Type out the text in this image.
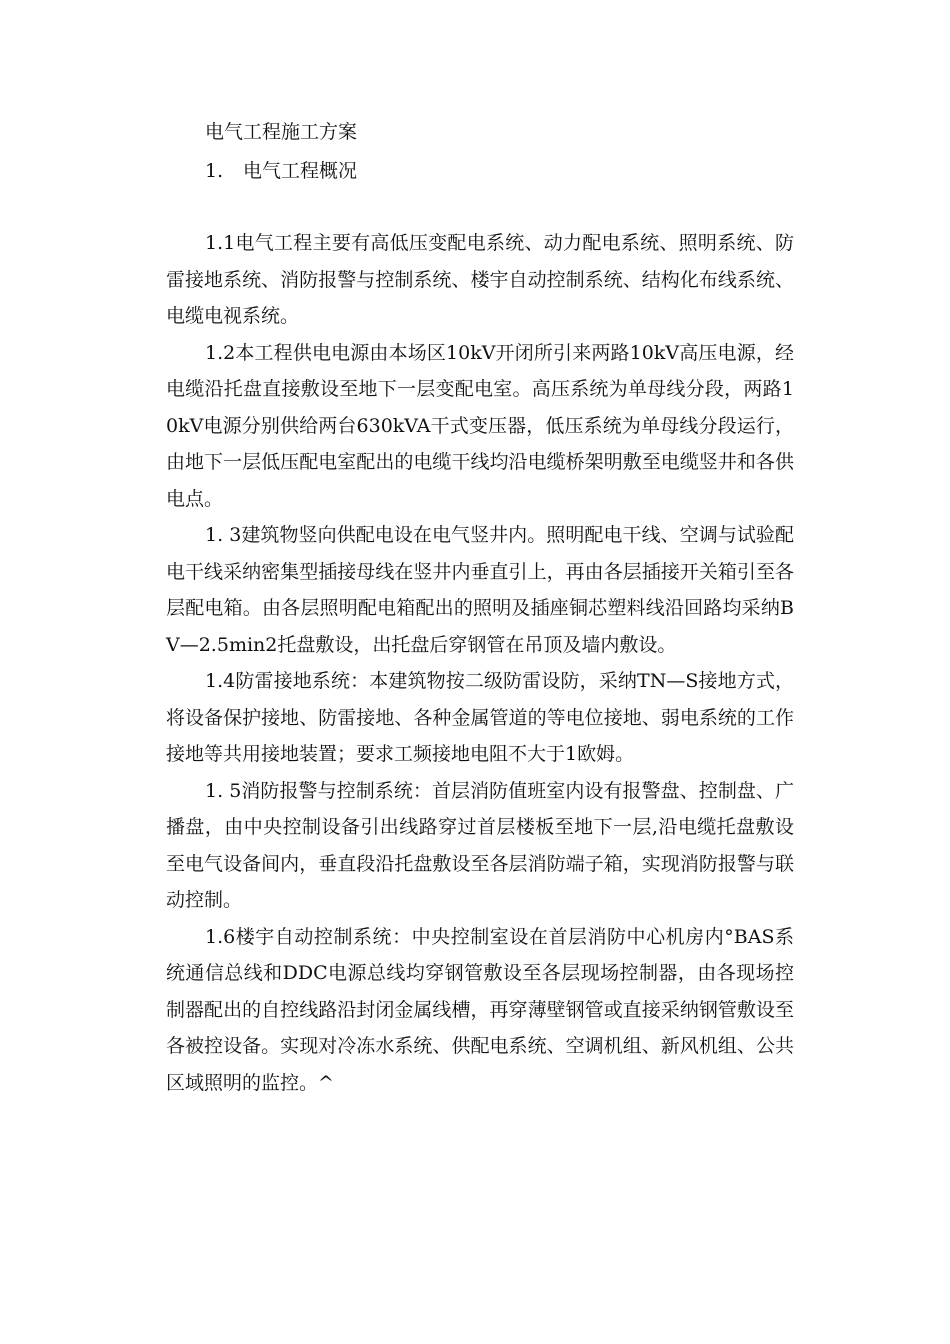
电气工程施工方案
1. 电气工程概况

1.1电气工程主要有高低压变配电系统、动力配电系统、照明系统、防雷接地系统、消防报警与控制系统、楼宇自动控制系统、结构化布线系统、电缆电视系统。

1.2本工程供电电源由本场区10kV开闭所引来两路10kV高压电源，经电缆沿托盘直接敷设至地下一层变配电室。高压系统为单母线分段，两路10kV电源分别供给两台630kVA干式变压器，低压系统为单母线分段运行，由地下一层低压配电室配出的电缆干线均沿电缆桥架明敷至电缆竖井和各供电点。

1. 3建筑物竖向供配电设在电气竖井内。照明配电干线、空调与试验配电干线采纳密集型插接母线在竖井内垂直引上，再由各层插接开关箱引至各层配电箱。由各层照明配电箱配出的照明及插座铜芯塑料线沿回路均采纳BV—2.5min2托盘敷设，出托盘后穿钢管在吊顶及墙内敷设。

1.4防雷接地系统：本建筑物按二级防雷设防，采纳TN—S接地方式，将设备保护接地、防雷接地、各种金属管道的等电位接地、弱电系统的工作接地等共用接地装置；要求工频接地电阻不大于1欧姆。

1. 5消防报警与控制系统：首层消防值班室内设有报警盘、控制盘、广播盘，由中央控制设备引出线路穿过首层楼板至地下一层,沿电缆托盘敷设至电气设备间内，垂直段沿托盘敷设至各层消防端子箱，实现消防报警与联动控制。

1.6楼宇自动控制系统：中央控制室设在首层消防中心机房内°BAS系统通信总线和DDC电源总线均穿钢管敷设至各层现场控制器，由各现场控制器配出的自控线路沿封闭金属线槽，再穿薄壁钢管或直接采纳钢管敷设至各被控设备。实现对冷冻水系统、供配电系统、空调机组、新风机组、公共区域照明的监控。^
